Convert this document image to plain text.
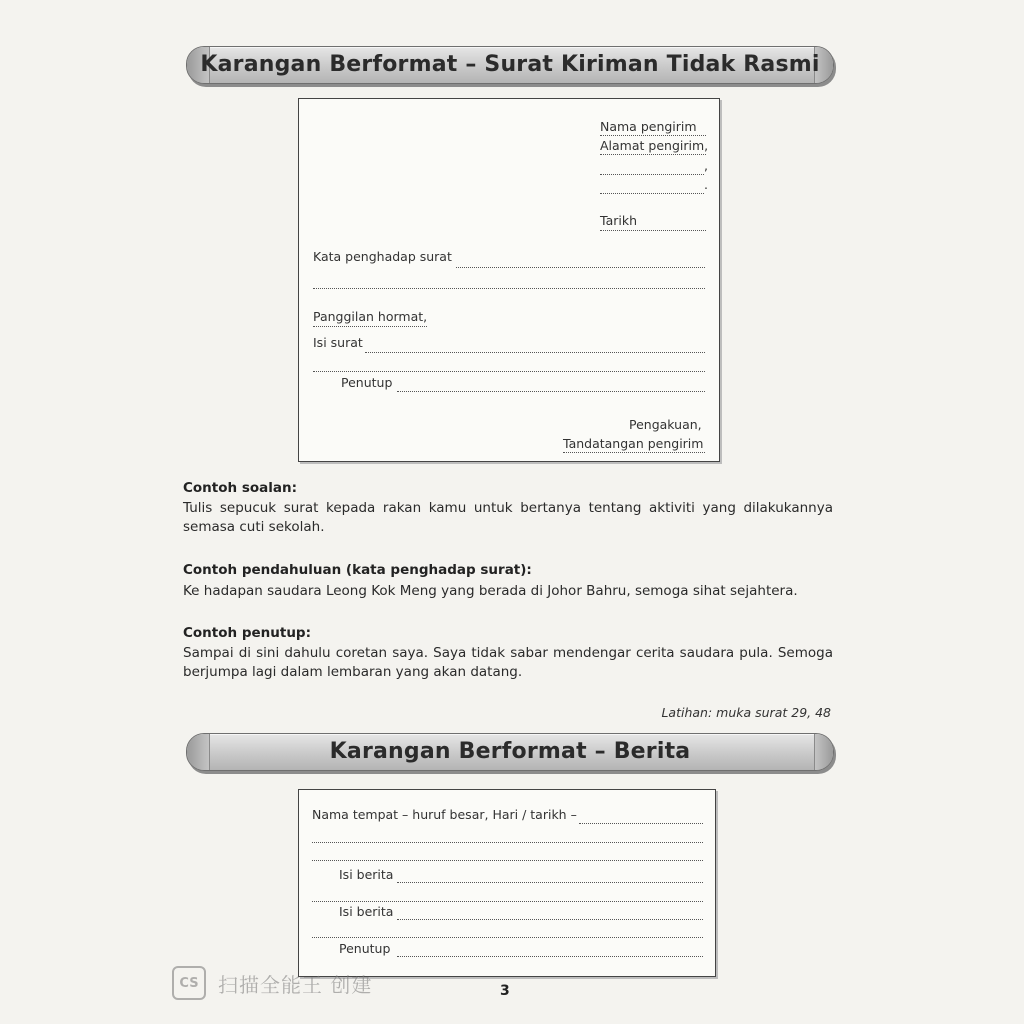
Karangan Berformat – Surat Kiriman Tidak Rasmi
Nama pengirim
Alamat pengirim,
,
.
Tarikh
Kata penghadap surat
Panggilan hormat,
Isi surat
Penutup
Pengakuan,
Tandatangan pengirim
Contoh soalan:
Tulis sepucuk surat kepada rakan kamu untuk bertanya tentang aktiviti yang dilakukannya semasa cuti sekolah.
Contoh pendahuluan (kata penghadap surat):
Ke hadapan saudara Leong Kok Meng yang berada di Johor Bahru, semoga sihat sejahtera.
Contoh penutup:
Sampai di sini dahulu coretan saya. Saya tidak sabar mendengar cerita saudara pula. Semoga berjumpa lagi dalam lembaran yang akan datang.
Latihan: muka surat 29, 48
Karangan Berformat – Berita
Nama tempat – huruf besar, Hari / tarikh –
Isi berita
Isi berita
Penutup
CS 扫描全能王 创建	3
